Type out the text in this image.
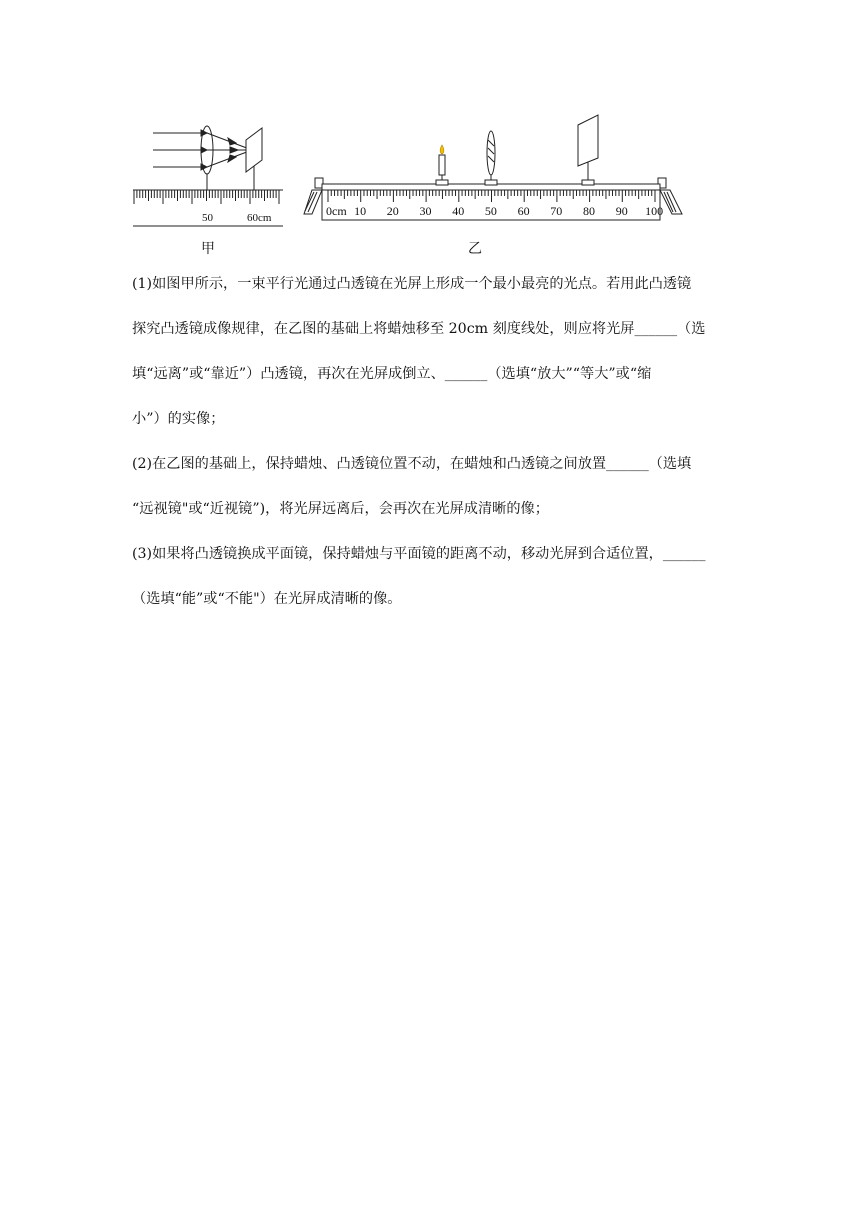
50	60cm	0cm 10 20 30 40 50 60 70 80 90 100
甲	乙
(1)如图甲所示，一束平行光通过凸透镜在光屏上形成一个最小最亮的光点。若用此凸透镜
探究凸透镜成像规律，在乙图的基础上将蜡烛移至 20cm 刻度线处，则应将光屏______（选
填“远离”或“靠近”）凸透镜，再次在光屏成倒立、______（选填“放大”“等大”或“缩
小”）的实像；
(2)在乙图的基础上，保持蜡烛、凸透镜位置不动，在蜡烛和凸透镜之间放置______（选填
“远视镜"或“近视镜”)，将光屏远离后，会再次在光屏成清晰的像；
(3)如果将凸透镜换成平面镜，保持蜡烛与平面镜的距离不动，移动光屏到合适位置，______
（选填“能”或“不能"）在光屏成清晰的像。
